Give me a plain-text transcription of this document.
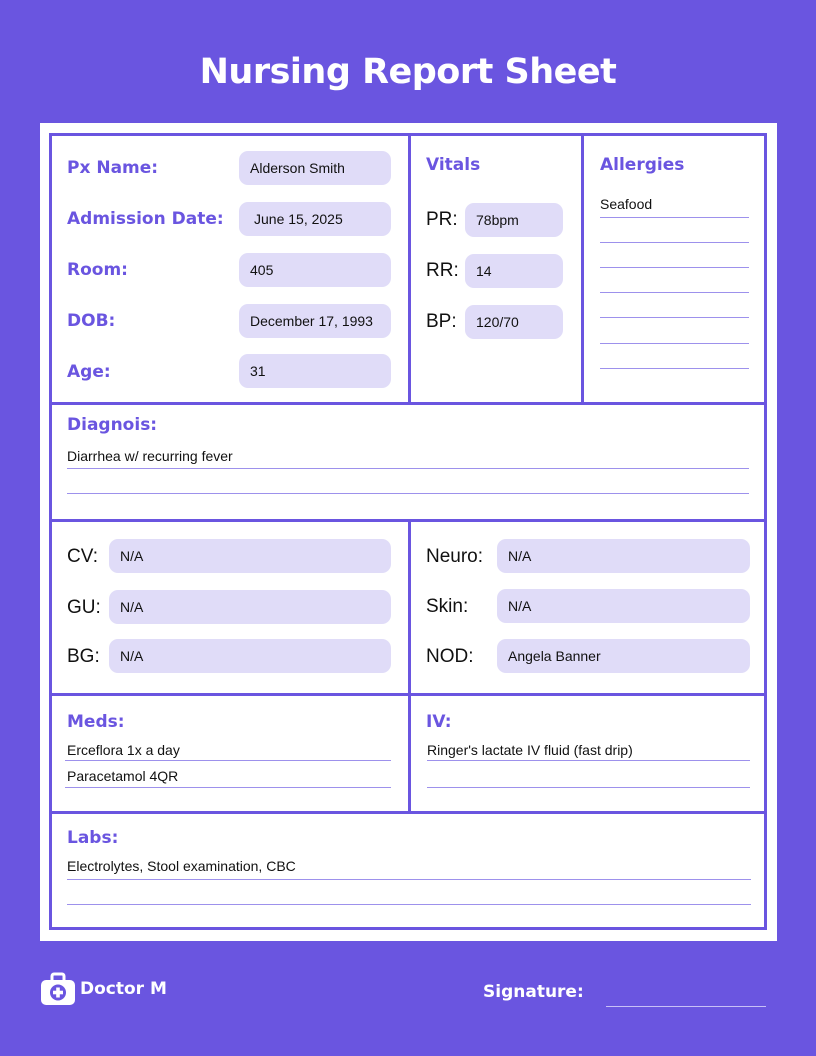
Nursing Report Sheet
Px Name:	Alderson Smith
Admission Date:	June 15, 2025
Room:	405
DOB:	December 17, 1993
Age:	31
Vitals
PR:	78bpm
RR:	14
BP:	120/70
Allergies
Seafood
Diagnois:
Diarrhea w/ recurring fever
CV:	N/A
GU:	N/A
BG:	N/A
Neuro:	N/A
Skin:	N/A
NOD:	Angela Banner
Meds:
Erceflora 1x a day
Paracetamol 4QR
IV:
Ringer's lactate IV fluid (fast drip)
Labs:
Electrolytes, Stool examination, CBC
Doctor M	Signature:
